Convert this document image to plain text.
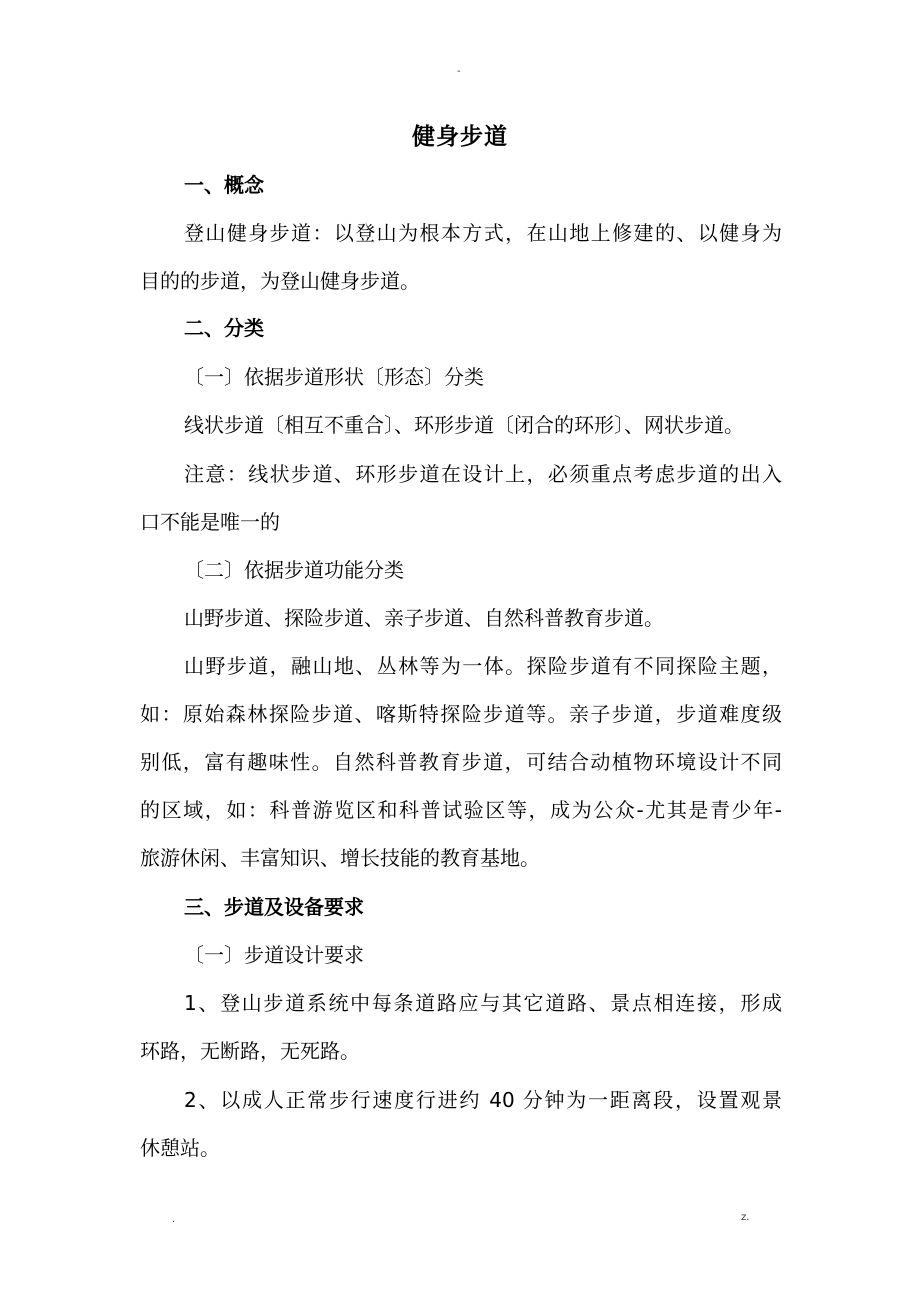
-
健身步道
一、概念
登山健身步道：以登山为根本方式，在山地上修建的、以健身为
目的的步道，为登山健身步道。
二、分类
〔一〕依据步道形状〔形态〕分类
线状步道〔相互不重合〕、环形步道〔闭合的环形〕、网状步道。
注意：线状步道、环形步道在设计上，必须重点考虑步道的出入
口不能是唯一的
〔二〕依据步道功能分类
山野步道、探险步道、亲子步道、自然科普教育步道。
山野步道，融山地、丛林等为一体。探险步道有不同探险主题，
如：原始森林探险步道、喀斯特探险步道等。亲子步道，步道难度级
别低，富有趣味性。自然科普教育步道，可结合动植物环境设计不同
的区域，如：科普游览区和科普试验区等，成为公众-尤其是青少年-
旅游休闲、丰富知识、增长技能的教育基地。
三、步道及设备要求
〔一〕步道设计要求
1、登山步道系统中每条道路应与其它道路、景点相连接，形成
环路，无断路，无死路。
2、以成人正常步行速度行进约 40 分钟为一距离段，设置观景
休憩站。
.	z.
